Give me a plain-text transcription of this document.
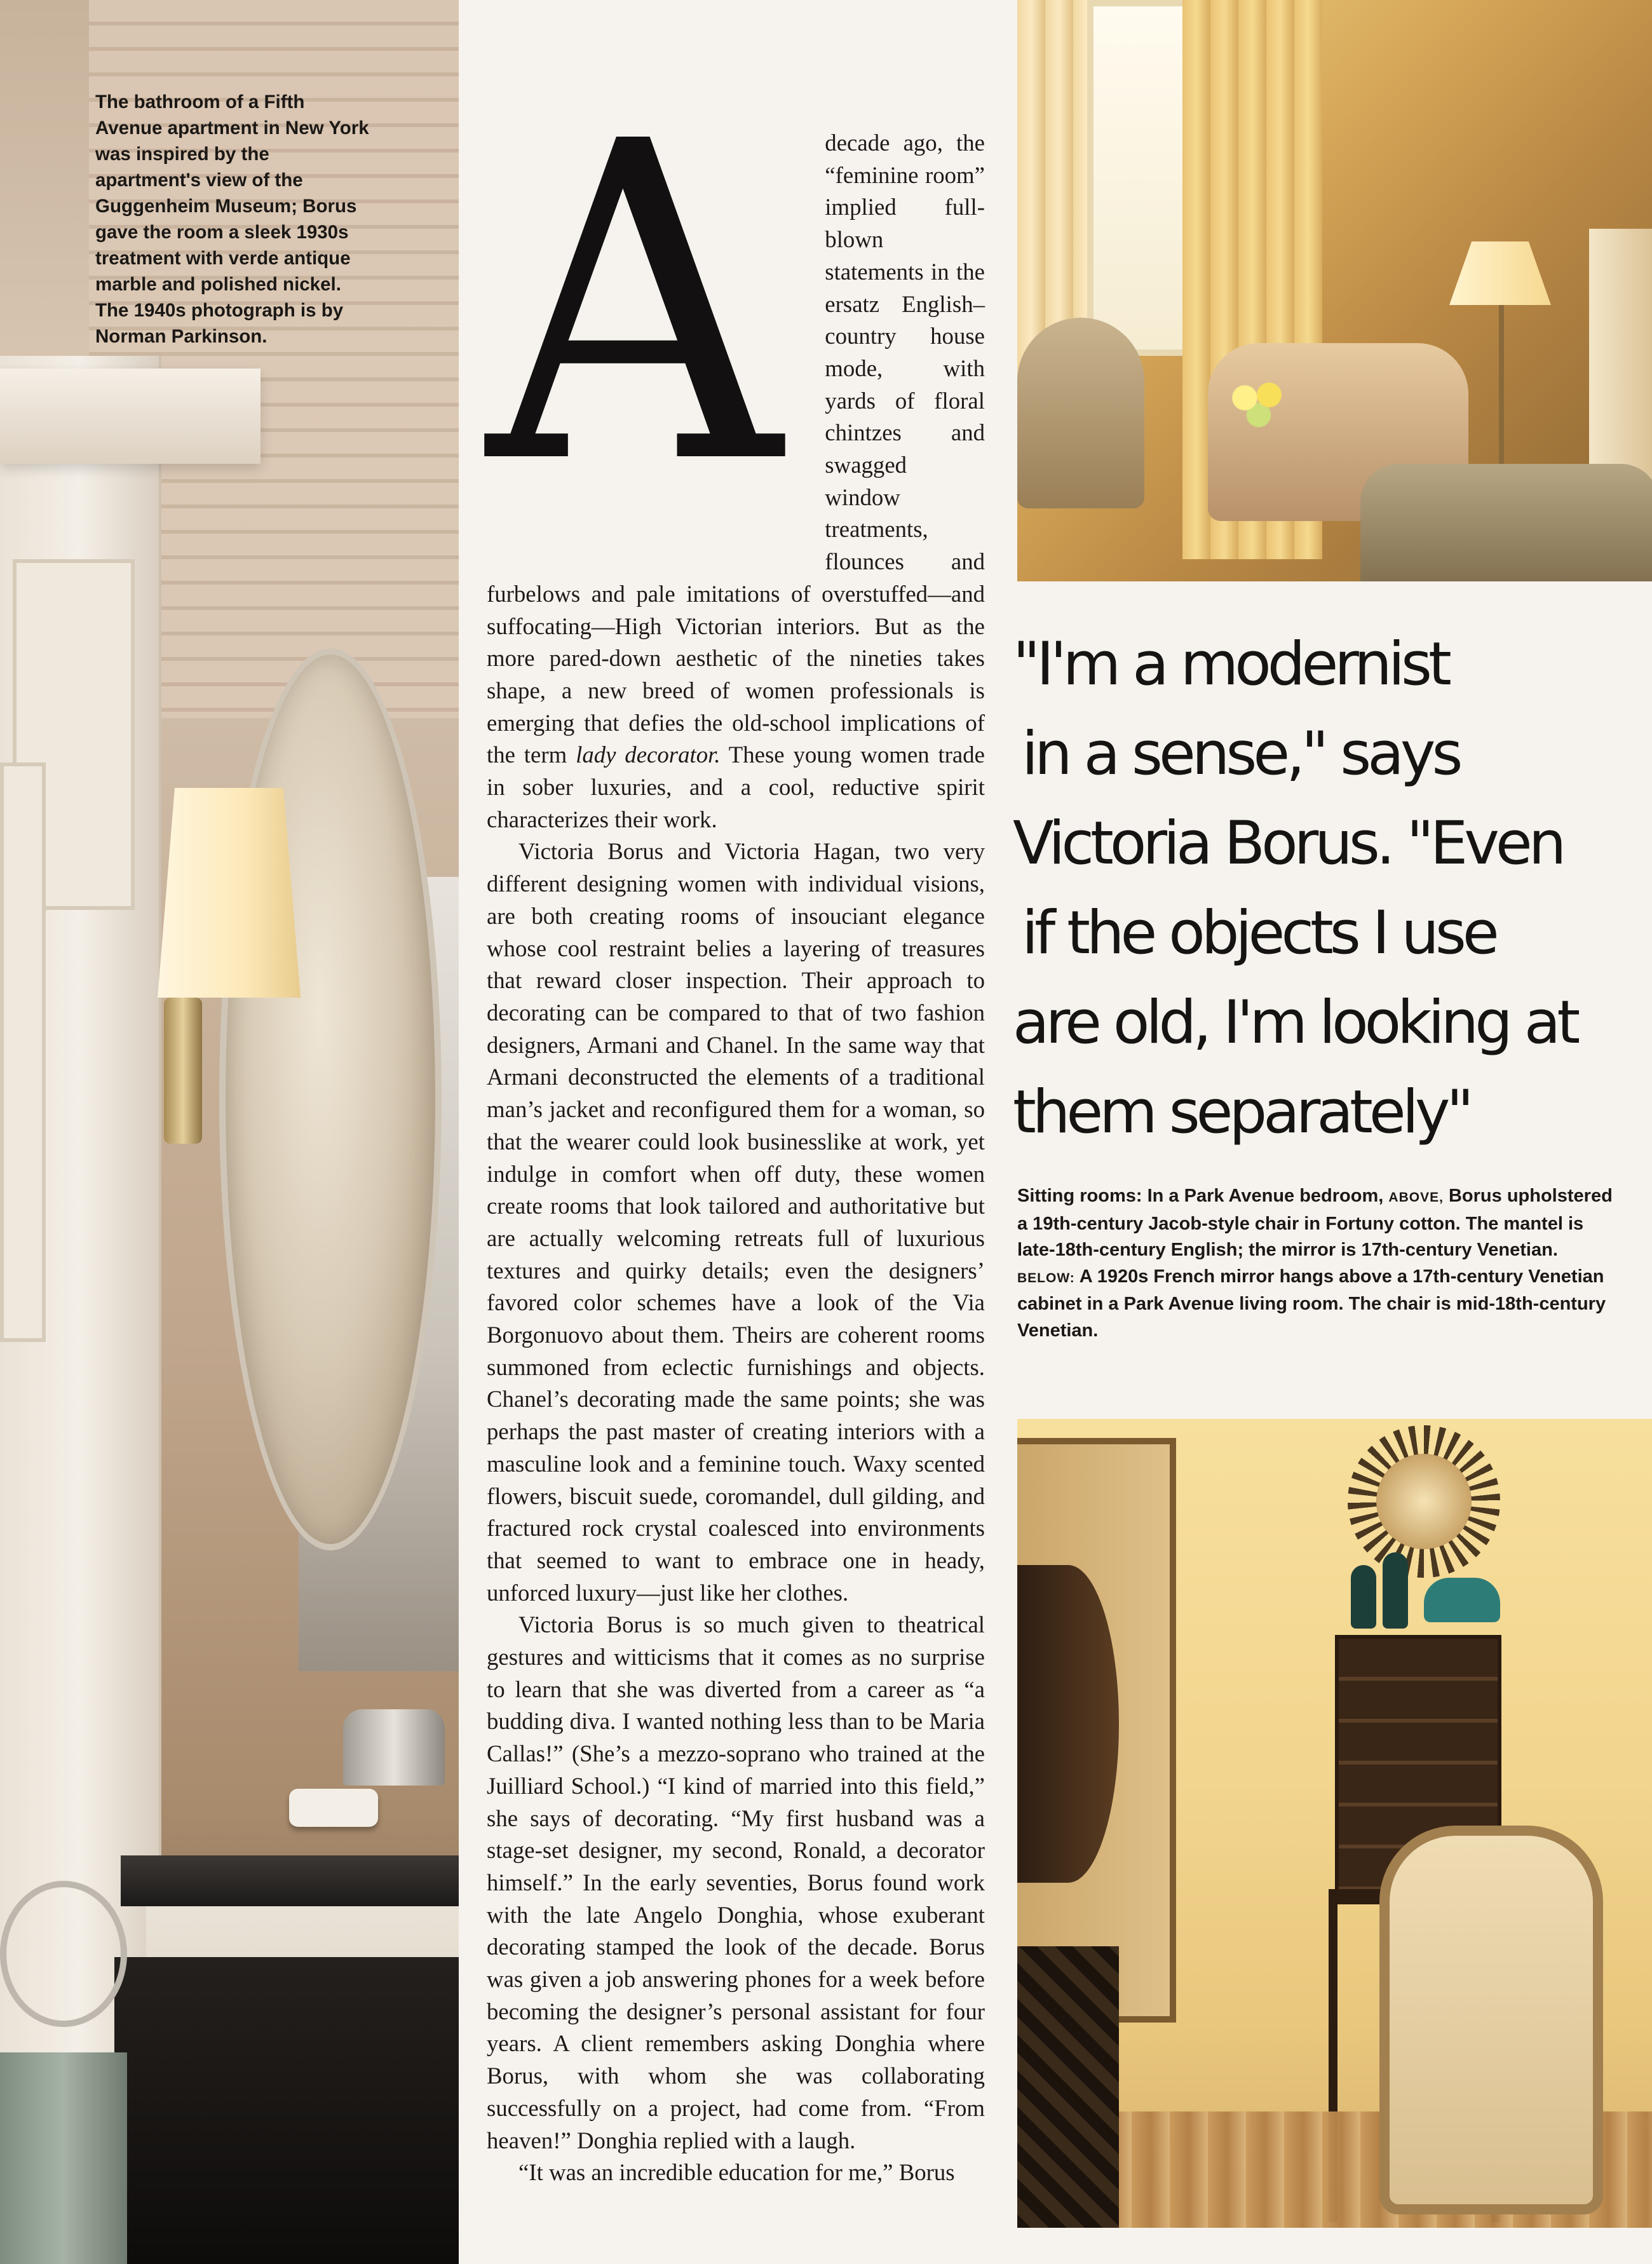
The bathroom of a Fifth Avenue apartment in New York was inspired by the apartment's view of the Guggenheim Museum; Borus gave the room a sleek 1930s treatment with verde antique marble and polished nickel. The 1940s photograph is by Norman Parkinson. A decade ago, the “feminine room” implied full-blown statements in the ersatz English–country house mode, with yards of floral chintzes and swagged window treatments, flounces and furbelows and pale imitations of overstuffed—and suffocating—High Victorian interiors. But as the more pared-down aesthetic of the nineties takes shape, a new breed of women professionals is emerging that defies the old-school implications of the term lady decorator. These young women trade in sober luxuries, and a cool, reductive spirit characterizes their work.

Victoria Borus and Victoria Hagan, two very different designing women with individual visions, are both creating rooms of insouciant elegance whose cool restraint belies a layering of treasures that reward closer inspection. Their approach to decorating can be compared to that of two fashion designers, Armani and Chanel. In the same way that Armani deconstructed the elements of a traditional man’s jacket and reconfigured them for a woman, so that the wearer could look businesslike at work, yet indulge in comfort when off duty, these women create rooms that look tailored and authoritative but are actually welcoming retreats full of luxurious textures and quirky details; even the designers’ favored color schemes have a look of the Via Borgonuovo about them. Theirs are coherent rooms summoned from eclectic furnishings and objects. Chanel’s decorating made the same points; she was perhaps the past master of creating interiors with a masculine look and a feminine touch. Waxy scented flowers, biscuit suede, coromandel, dull gilding, and fractured rock crystal coalesced into environments that seemed to want to embrace one in heady, unforced luxury—just like her clothes.

Victoria Borus is so much given to theatrical gestures and witticisms that it comes as no surprise to learn that she was diverted from a career as “a budding diva. I wanted nothing less than to be Maria Callas!” (She’s a mezzo-soprano who trained at the Juilliard School.) “I kind of married into this field,” she says of decorating. “My first husband was a stage-set designer, my second, Ronald, a decorator himself.” In the early seventies, Borus found work with the late Angelo Donghia, whose exuberant decorating stamped the look of the decade. Borus was given a job answering phones for a week before becoming the designer’s personal assistant for four years. A client remembers asking Donghia where Borus, with whom she was collaborating successfully on a project, had come from. “From heaven!” Donghia replied with a laugh.

“It was an incredible education for me,” Borus

"I'm a modernist
in a sense," says
Victoria Borus. "Even
if the objects I use
are old, I'm looking at
them separately"

Sitting rooms: In a Park Avenue bedroom, ABOVE, Borus upholstered a 19th-century Jacob-style chair in Fortuny cotton. The mantel is late-18th-century English; the mirror is 17th-century Venetian. BELOW: A 1920s French mirror hangs above a 17th-century Venetian cabinet in a Park Avenue living room. The chair is mid-18th-century Venetian.
